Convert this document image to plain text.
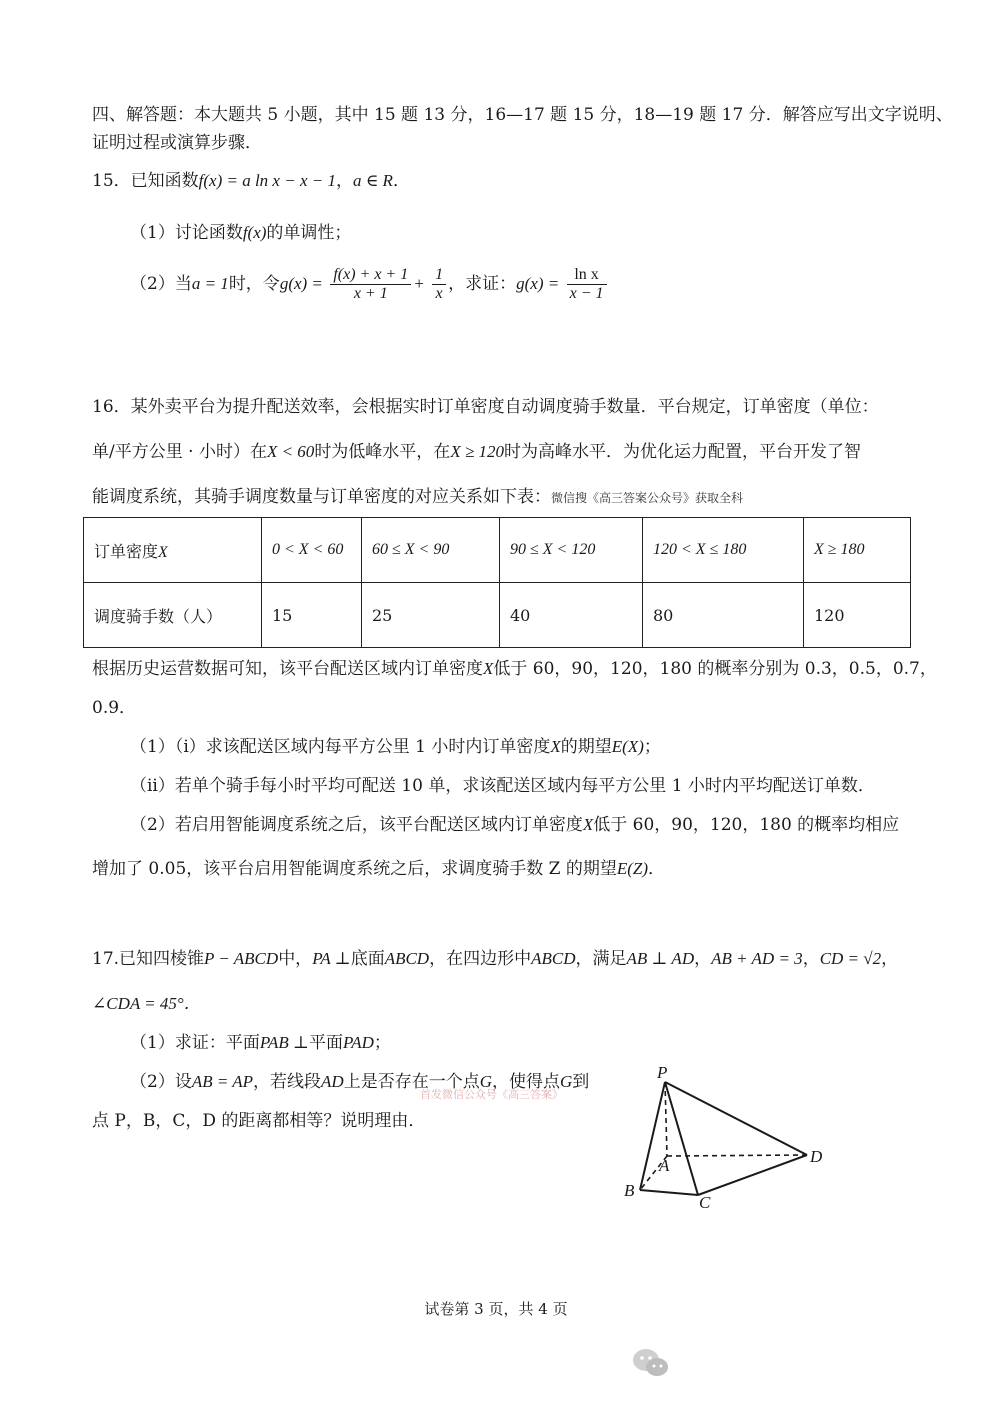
四、解答题：本大题共 5 小题，其中 15 题 13 分，16—17 题 15 分，18—19 题 17 分．解答应写出文字说明、
证明过程或演算步骤．
15．已知函数f(x) = a ln x − x − 1，a ∈ R．
（1）讨论函数f(x)的单调性；
（2）当a = 1时，令$g(x) = \frac{f(x) + x + 1}{x + 1} + \frac{1}{x}$ ，求证：$g(x) = \frac{\text{ln x}}{x - 1}$
16．某外卖平台为提升配送效率，会根据实时订单密度自动调度骑手数量．平台规定，订单密度（单位：
单/平方公里 · 小时）在X < 60时为低峰水平，在X ≥ 120时为高峰水平．为优化运力配置，平台开发了智
能调度系统，其骑手调度数量与订单密度的对应关系如下表：微信搜《高三答案公众号》获取全科
订单密度X	0 < X < 60	60 ≤ X < 90	90 ≤ X < 120	120 < X ≤ 180	X ≥ 180
调度骑手数（人）	15	25	40	80	120
根据历史运营数据可知，该平台配送区域内订单密度X低于 60，90，120，180 的概率分别为 0.3，0.5，0.7，
0.9．
（1）（i）求该配送区域内每平方公里 1 小时内订单密度X的期望E(X)；
（ii）若单个骑手每小时平均可配送 10 单，求该配送区域内每平方公里 1 小时内平均配送订单数．
（2）若启用智能调度系统之后，该平台配送区域内订单密度X低于 60，90，120，180 的概率均相应
增加了 0.05，该平台启用智能调度系统之后，求调度骑手数 Z 的期望E(Z)．
17.已知四棱锥P − ABCD中，PA ⊥底面ABCD，在四边形中ABCD，满足AB ⊥ AD，AB + AD = 3，CD = √2，
∠CDA = 45°．
（1）求证：平面PAB ⊥平面PAD；
（2）设AB = AP，若线段AD上是否存在一个点G，使得点G到
首发微信公众号《高三答案》
点 P，B，C，D 的距离都相等？说明理由．
P
A
B
C
D
试卷第 3 页，共 4 页
